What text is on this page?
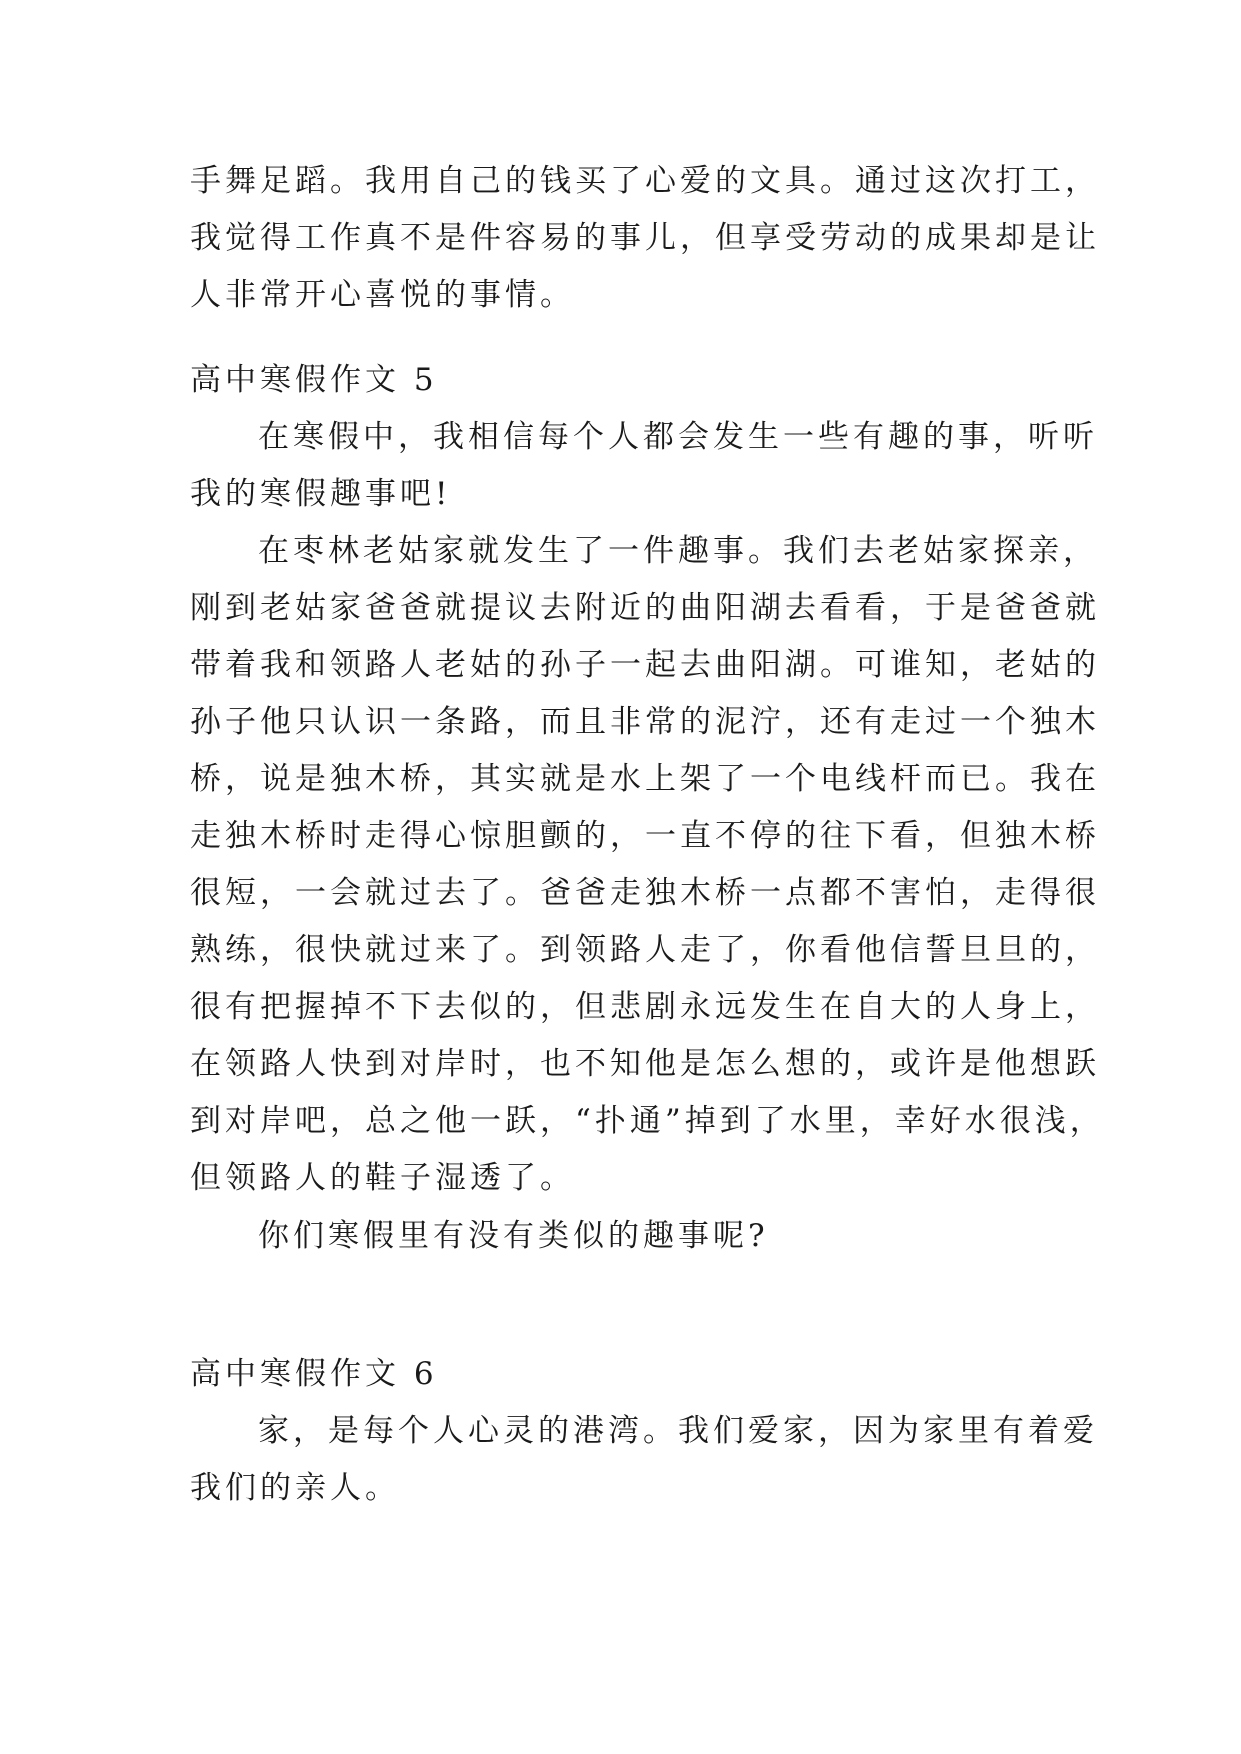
手舞足蹈。我用自己的钱买了心爱的文具。通过这次打工，
我觉得工作真不是件容易的事儿，但享受劳动的成果却是让
人非常开心喜悦的事情。
高中寒假作文 5
在寒假中，我相信每个人都会发生一些有趣的事，听听
我的寒假趣事吧!
在枣林老姑家就发生了一件趣事。我们去老姑家探亲，
刚到老姑家爸爸就提议去附近的曲阳湖去看看，于是爸爸就
带着我和领路人老姑的孙子一起去曲阳湖。可谁知，老姑的
孙子他只认识一条路，而且非常的泥泞，还有走过一个独木
桥，说是独木桥，其实就是水上架了一个电线杆而已。我在
走独木桥时走得心惊胆颤的，一直不停的往下看，但独木桥
很短，一会就过去了。爸爸走独木桥一点都不害怕，走得很
熟练，很快就过来了。到领路人走了，你看他信誓旦旦的，
很有把握掉不下去似的，但悲剧永远发生在自大的人身上，
在领路人快到对岸时，也不知他是怎么想的，或许是他想跃
到对岸吧，总之他一跃，“扑通”掉到了水里，幸好水很浅，
但领路人的鞋子湿透了。
你们寒假里有没有类似的趣事呢?
高中寒假作文 6
家，是每个人心灵的港湾。我们爱家，因为家里有着爱
我们的亲人。
